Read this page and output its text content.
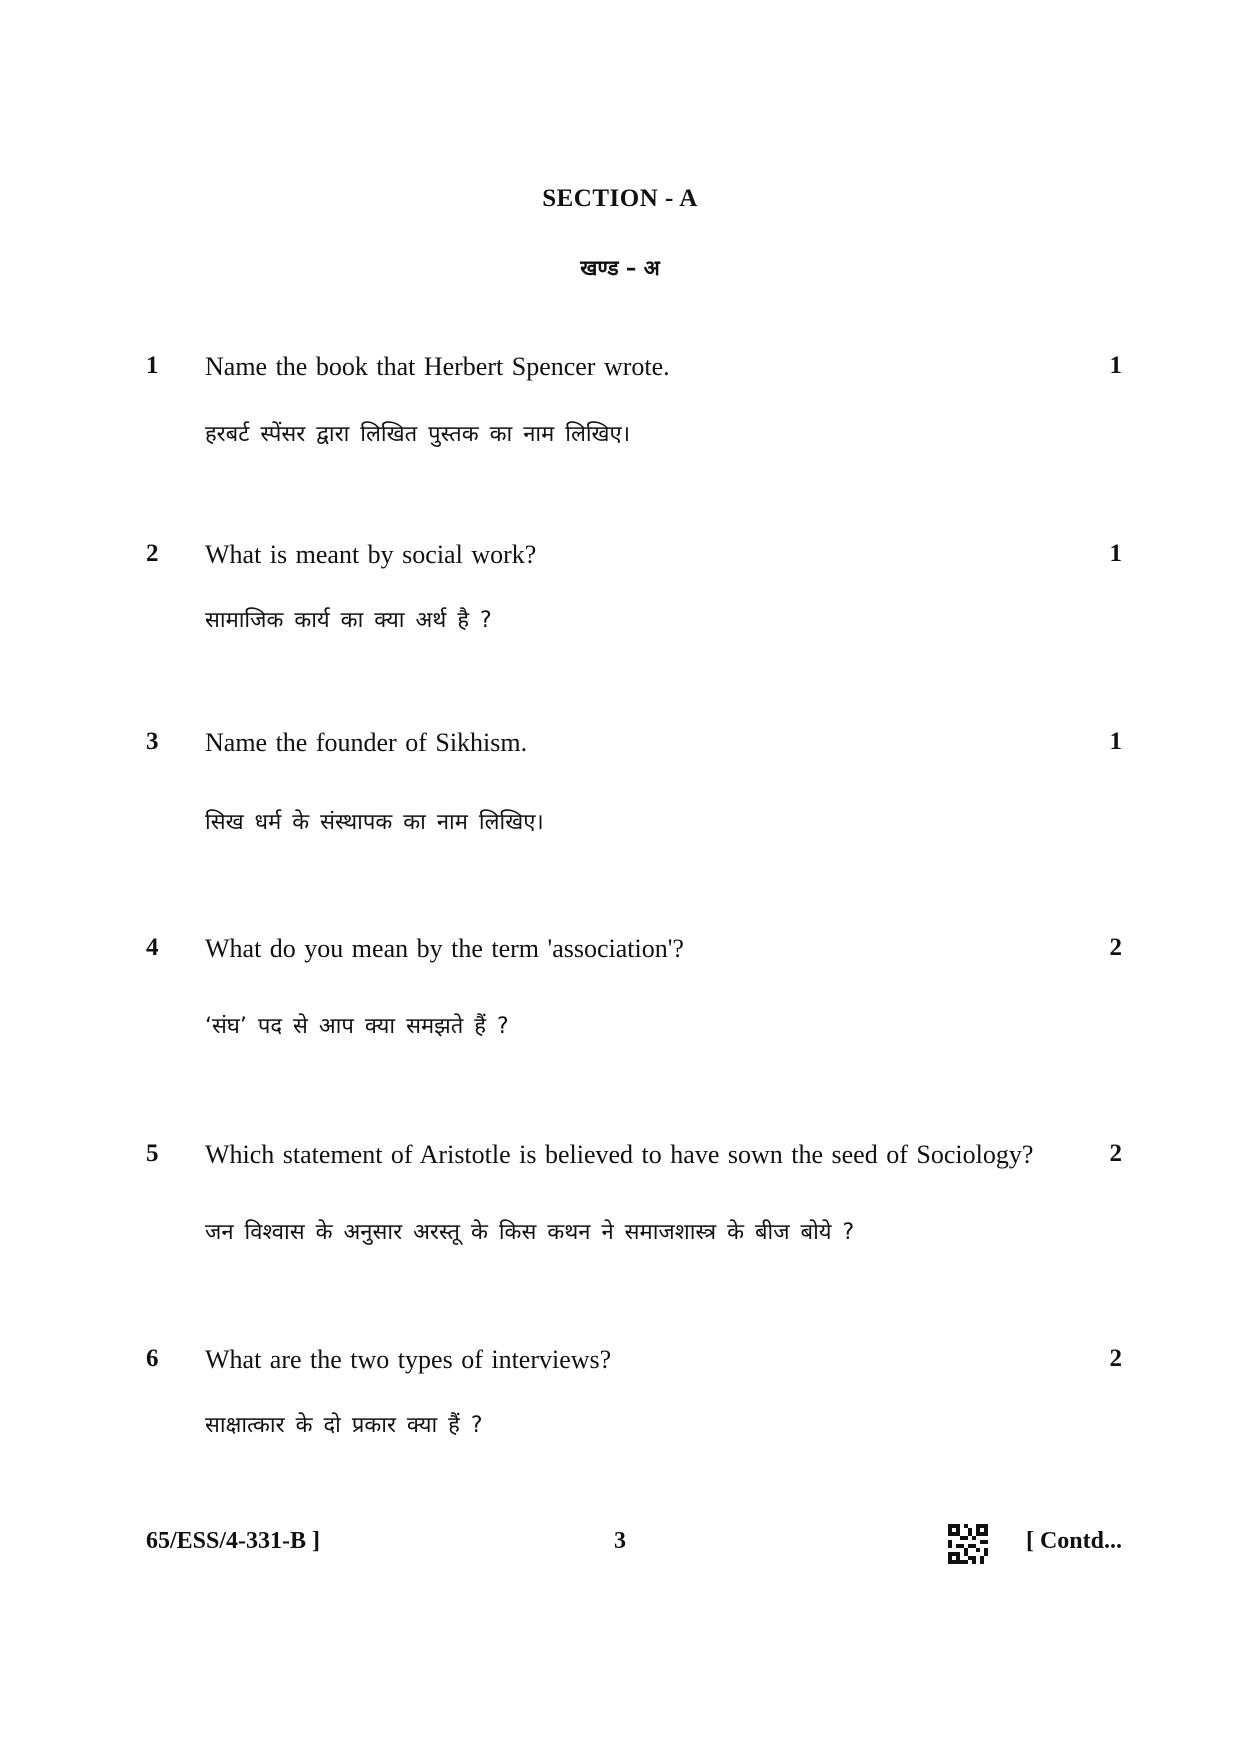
SECTION - A
खण्ड – अ
1 Name the book that Herbert Spencer wrote.	1
हरबर्ट स्पेंसर द्वारा लिखित पुस्तक का नाम लिखिए।
2 What is meant by social work?	1
सामाजिक कार्य का क्या अर्थ है ?
3 Name the founder of Sikhism.	1
सिख धर्म के संस्थापक का नाम लिखिए।
4 What do you mean by the term 'association'?	2
‘संघ’ पद से आप क्या समझते हैं ?
5 Which statement of Aristotle is believed to have sown the seed of Sociology?	2
जन विश्वास के अनुसार अरस्तू के किस कथन ने समाजशास्त्र के बीज बोये ?
6 What are the two types of interviews?	2
साक्षात्कार के दो प्रकार क्या हैं ?
65/ESS/4-331-B ]	3	[ Contd...
